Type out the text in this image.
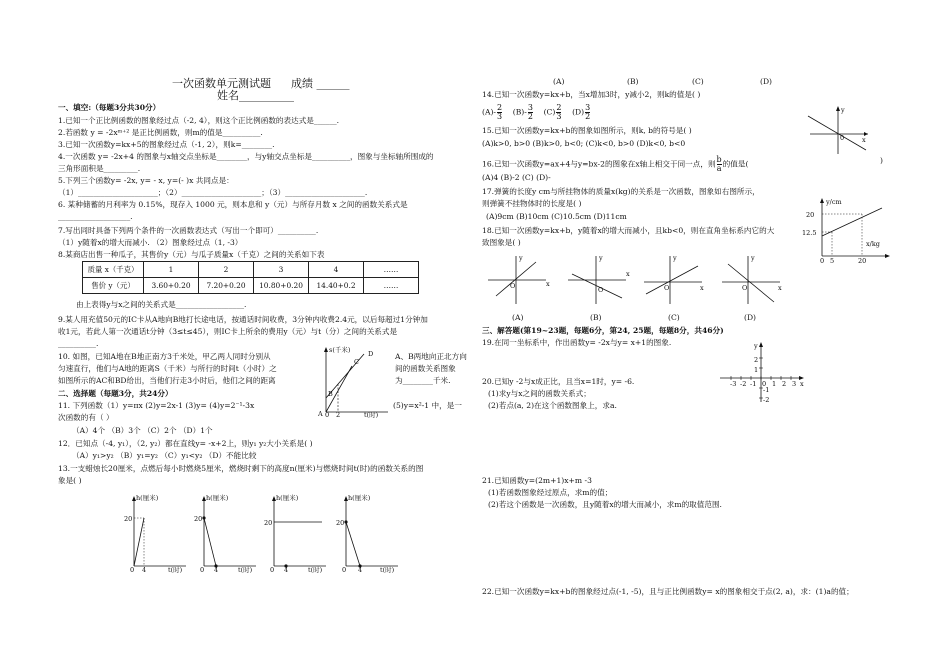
一次函数单元测试题 成绩 ______
姓名__________
一、填空:（每题3分共30分）
1.已知一个正比例函数的图象经过点（-2, 4），则这个正比例函数的表达式是______.
2.若函数 y = -2xᵐ⁺² 是正比例函数，则m的值是__________.
3.已知一次函数y=kx+5的图象经过点（-1, 2），则k=________.
4.一次函数 y= -2x+4 的图象与x轴交点坐标是________，与y轴交点坐标是__________，图象与坐标轴所围成的
三角形面积是_________.
5.下列三个函数y= -2x, y= - x, y=(- )x 共同点是：
（1）_____________________；（2）_____________________；（3）_____________________.
6. 某种储蓄的月利率为 0.15%，现存入 1000 元，则本息和 y（元）与所存月数 x 之间的函数关系式是
___________________.
7.写出同时具备下列两个条件的一次函数表达式（写出一个即可）__________.
（1）y随着x的增大而减小. （2）图象经过点（1, -3）
8.某商店出售一种瓜子，其售价y（元）与瓜子质量x（千克）之间的关系如下表
质量 x（千克）	1	2	3	4	……
售价 y（元）	3.60+0.20	7.20+0.20	10.80+0.20	14.40+0.2	……
由上表得y与x之间的关系式是__________________.
9.某人用充值50元的IC卡从A地向B地打长途电话，按通话时间收费，3分钟内收费2.4元，以后每超过1分钟加
收1元，若此人第一次通话t分钟（3≤t≤45），则IC卡上所余的费用y（元）与t（分）之间的关系式是
__________.
10. 如图，已知A地在B地正南方3千米处，甲乙两人同时分别从
匀速直行，他们与A地的距离S（千米）与所行的时间t（小时）之
如图所示的AC和BD给出，当他们行走3小时后，他们之间的距离
A、B两地向正北方向
间的函数关系图象
为________千米.
s(千米)
C
D
B
A 0 2	t(时)
二、选择题（每题3分，共24分）
11. 下列函数（1）y=πx (2)y=2x-1 (3)y= (4)y=2⁻¹-3x	(5)y=x²-1 中，是一
次函数的有（ ）
（A）4个 （B）3个 （C）2个 （D）1个
12．已知点（-4, y₁），（2, y₂）都在直线y= -x+2上，则y₁ y₂大小关系是( )
（A）y₁>y₂ （B）y₁=y₂ （C）y₁<y₂ （D）不能比较
13.一支蜡烛长20厘米，点燃后每小时燃烧5厘米，燃烧时剩下的高度n(厘米)与燃烧时间t(时)的函数关系的图
象是( )
h(厘米)
20
0 4	t(时)
h(厘米)
20
0 4	t(时)
h(厘米)
20
0 4	t(时)
h(厘米)
20
0 4	t(时)
(A)	(B)	(C)	(D)
14.已知一次函数y=kx+b，当x增加3时，y减小2，则k的值是( )
$(A)- \frac{2}{3} (B)- \frac{3}{2} (C) \frac{2}{3} (D) \frac{3}{2}$
15.已知一次函数y=kx+b的图象如图所示，则k, b的符号是( )
(A)k>0, b>0 (B)k>0, b<0; (C)k<0, b>0 (D)k<0, b<0
y
x
0
16.已知一次函数y=ax+4与y=bx-2的图象在x轴上相交于同一点，则 $\frac{b}{a}$ 的值是(	)
(A)4 (B)-2 (C) (D)-
17.弹簧的长度y cm与所挂物体的质量x(kg)的关系是一次函数，图象如右图所示，
则弹簧不挂物体时的长度是( )
(A)9cm (B)10cm (C)10.5cm (D)11cm
y/cm
20
12.5
0 5	20
x/kg
18.已知一次函数y=kx+b，y随着x的增大而减小，且kb<0，则在直角坐标系内它的大
致图象是( )
y
x
O
y
x
O
y
x
O
y
x
O
(A)	(B)	(C)	(D)
三、解答题(第19~23题，每题6分，第24, 25题，每题8分，共46分)
19.在同一坐标系中，作出函数y= -2x与y= x+1的图象.	y
x
-3 -2 -1 0 1 2 3
2
1
-1
-2
20.已知y -2与x成正比，且当x=1时，y= -6.
(1)求y与x之间的函数关系式；
(2)若点(a, 2)在这个函数图象上，求a.
21.已知函数y=(2m+1)x+m -3
(1)若函数图象经过原点，求m的值；
(2)若这个函数是一次函数，且y随着x的增大而减小，求m的取值范围.
22.已知一次函数y=kx+b的图象经过点(-1, -5)，且与正比例函数y= x的图象相交于点(2, a)，求：(1)a的值；
